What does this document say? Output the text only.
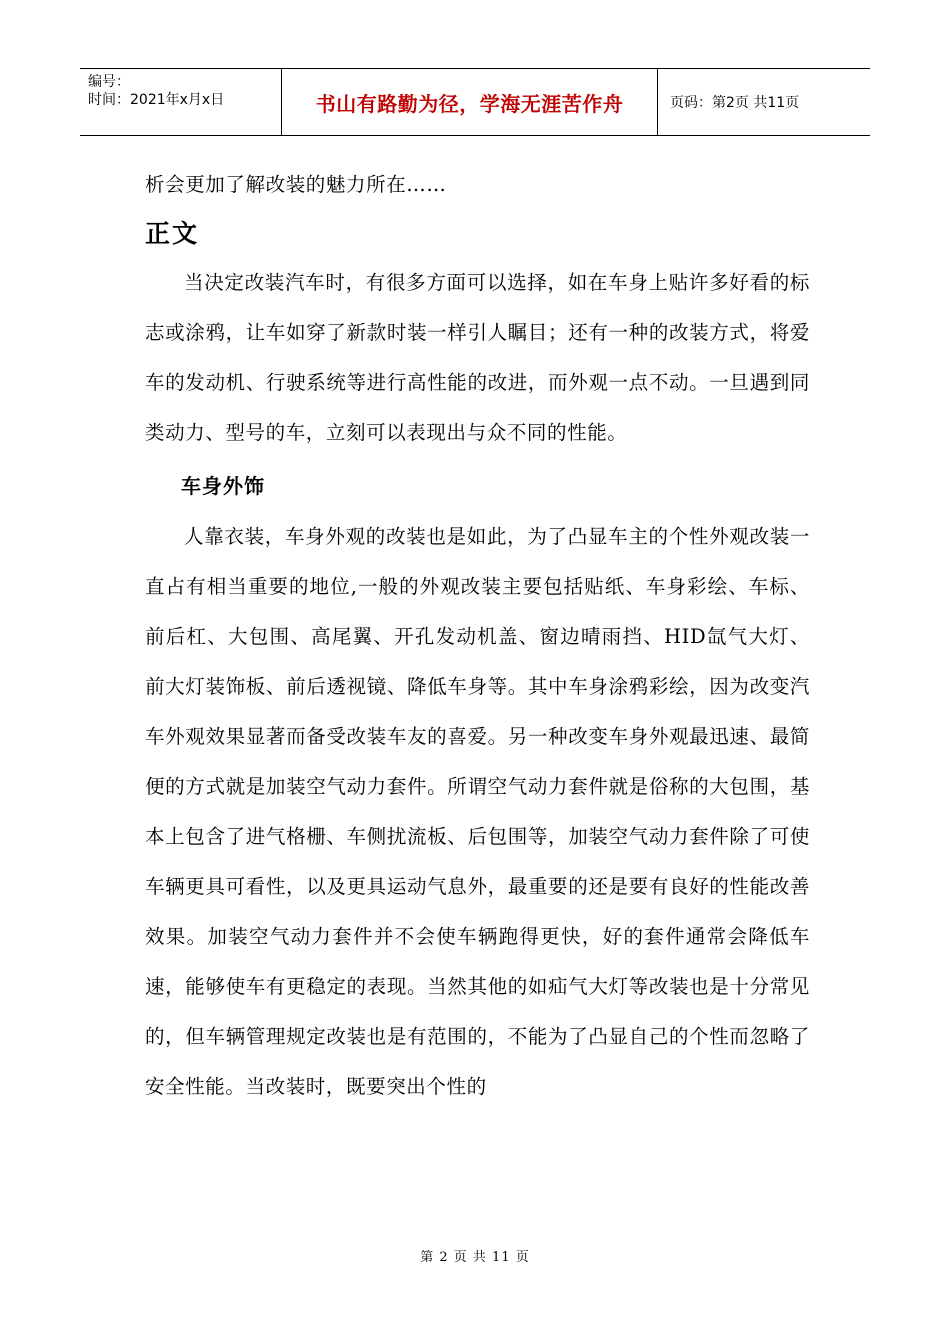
编号：
时间：2021年x月x日	书山有路勤为径，学海无涯苦作舟	页码：第2页 共11页

析会更加了解改装的魅力所在……

正文

当决定改装汽车时，有很多方面可以选择，如在车身上贴许多好看的标志或涂鸦，让车如穿了新款时装一样引人瞩目；还有一种的改装方式，将爱车的发动机、行驶系统等进行高性能的改进，而外观一点不动。一旦遇到同类动力、型号的车，立刻可以表现出与众不同的性能。

车身外饰

人靠衣装，车身外观的改装也是如此，为了凸显车主的个性外观改装一直占有相当重要的地位,一般的外观改装主要包括贴纸、车身彩绘、车标、前后杠、大包围、高尾翼、开孔发动机盖、窗边晴雨挡、HID氙气大灯、前大灯装饰板、前后透视镜、降低车身等。其中车身涂鸦彩绘，因为改变汽车外观效果显著而备受改装车友的喜爱。另一种改变车身外观最迅速、最简便的方式就是加装空气动力套件。所谓空气动力套件就是俗称的大包围，基本上包含了进气格栅、车侧扰流板、后包围等，加装空气动力套件除了可使车辆更具可看性，以及更具运动气息外，最重要的还是要有良好的性能改善效果。加装空气动力套件并不会使车辆跑得更快，好的套件通常会降低车速，能够使车有更稳定的表现。当然其他的如疝气大灯等改装也是十分常见的，但车辆管理规定改装也是有范围的，不能为了凸显自己的个性而忽略了安全性能。当改装时，既要突出个性的

第 2 页 共 11 页
